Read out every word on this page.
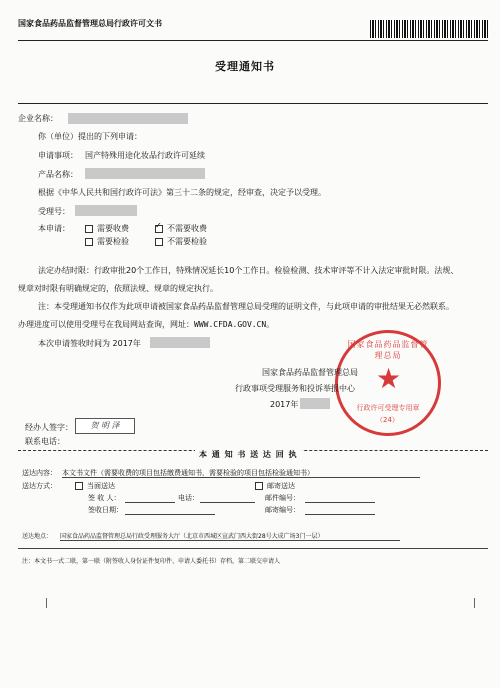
国家食品药品监督管理总局行政许可文书
受理通知书
企业名称：
你（单位）提出的下列申请：
申请事项： 国产特殊用途化妆品行政许可延续
产品名称：
根据《中华人民共和国行政许可法》第三十二条的规定，经审查，决定予以受理。
受理号：
本申请：	需要收费
✓	不需要收费
需要检验	不需要检验
法定办结时限：行政审批20个工作日，特殊情况延长10个工作日。检验检测、技术审评等不计入法定审批时限。法规、
规章对时限有明确规定的，依照法规、规章的规定执行。
注：本受理通知书仅作为此项申请被国家食品药品监督管理总局受理的证明文件，与此项申请的审批结果无必然联系。
办理进度可以使用受理号在我局网站查询，网址：WWW.CFDA.GOV.CN。
本次申请签收时间为 2017年	国家食品药品监督管理总局
★
行政许可受理专用章
（24）
国家食品药品监督管理总局
行政事项受理服务和投诉举报中心
2017年
经办人签字：	贺 明 泽
联系电话：
本 通 知 书 送 达 回 执
送达内容： 本文书文件（需要收费的项目包括缴费通知书，需要检验的项目包括检验通知书）
送达方式：	当面送达	邮寄送达
签 收 人：	电话：	邮件编号：
签收日期：	邮寄编号：
送达地点： 国家食品药品监督管理总局行政受理服务大厅（北京市西城区宣武门西大街28号大成广场3门一层）
注：本文书一式二联，第一联（附签收人身份证件复印件、申请人委托书）存档，第二联交申请人
